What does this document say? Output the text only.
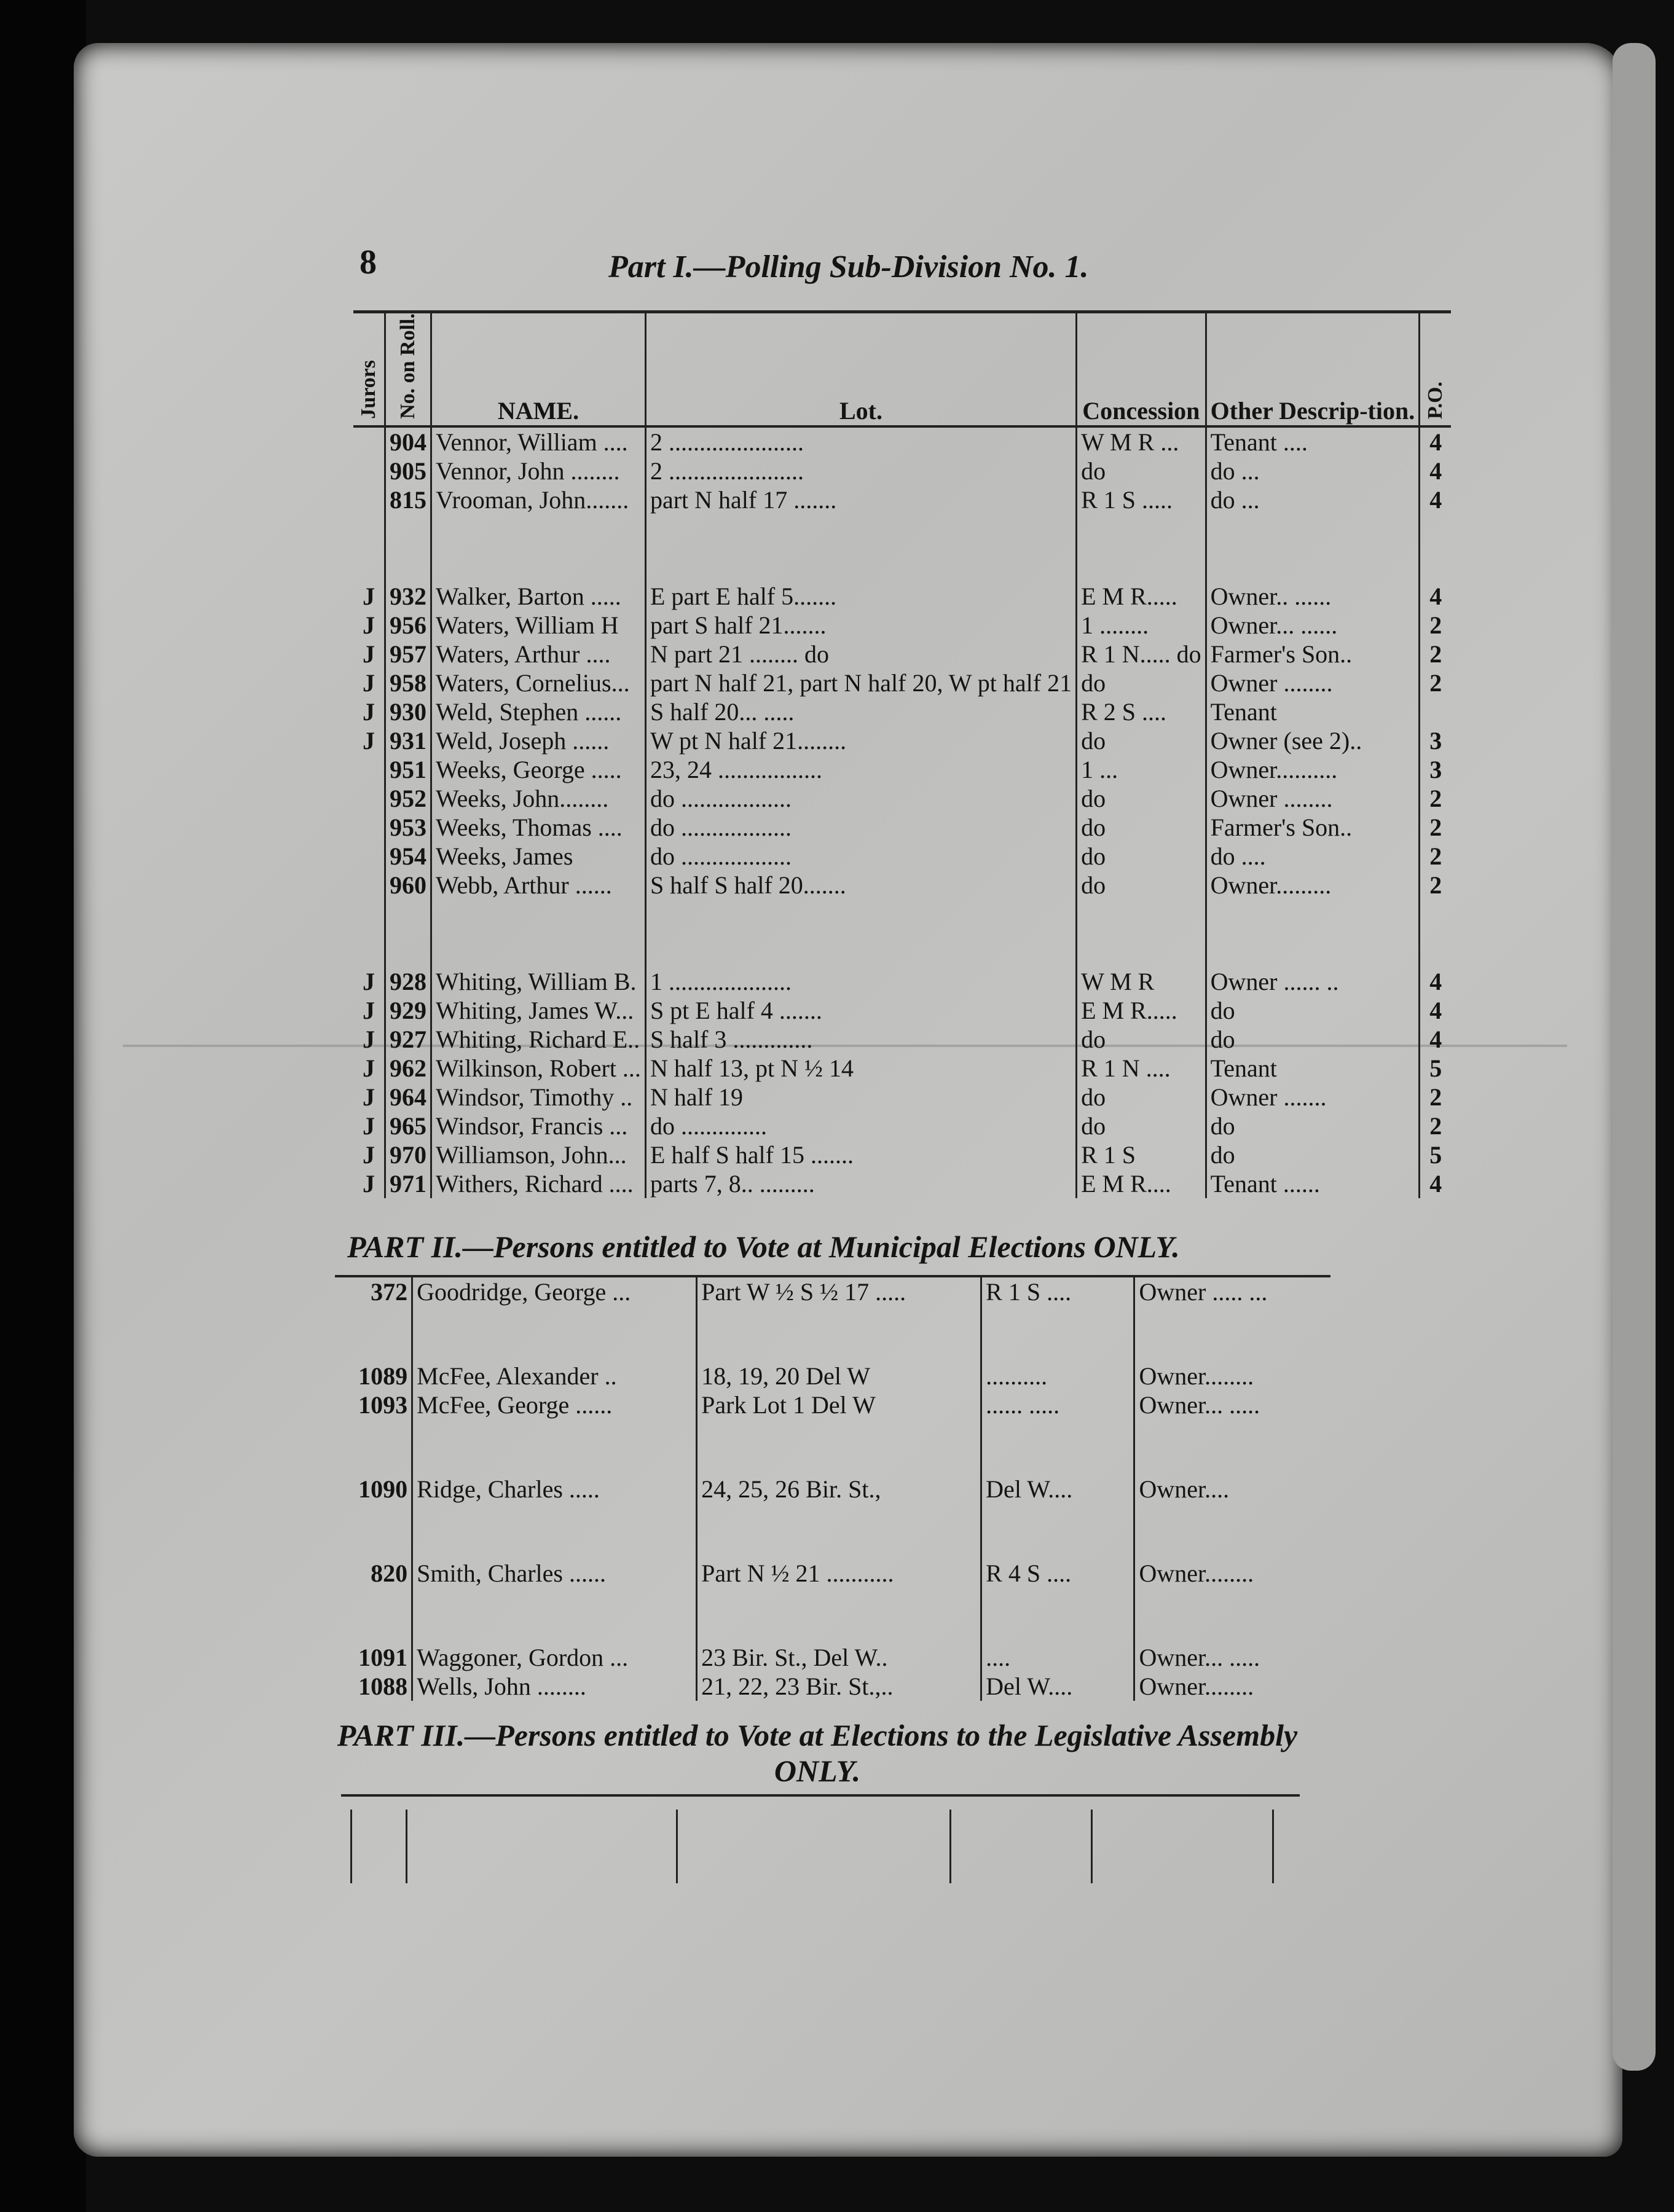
8	Part I.—Polling Sub-Division No. 1.
Jurors	No. on Roll.	NAME.	Lot.	Concession	Other Descrip-tion.	P.O.
	904	Vennor, William ....	2 ......................	W M R ...	Tenant ....	4
	905	Vennor, John ........	2 ......................	do	do ...	4
	815	Vrooman, John.......	part N half 17 .......	R 1 S .....	do ...	4

J	932	Walker, Barton .....	E part E half 5.......	E M R.....	Owner.. ......	4
J	956	Waters, William H	part S half 21.......	1 ........	Owner... ......	2
J	957	Waters, Arthur ....	N part 21 ........ do	R 1 N..... do	Farmer's Son..	2
J	958	Waters, Cornelius...	part N half 21, part N half 20, W pt half 21	do	Owner ........	2
J	930	Weld, Stephen ......	S half 20... .....	R 2 S ....	Tenant	
J	931	Weld, Joseph ......	W pt N half 21........	do	Owner (see 2)..	3
	951	Weeks, George .....	23, 24 .................	1 ...	Owner..........	3
	952	Weeks, John........	do ..................	do	Owner ........	2
	953	Weeks, Thomas ....	do ..................	do	Farmer's Son..	2
	954	Weeks, James	do ..................	do	do ....	2
	960	Webb, Arthur ......	S half S half 20.......	do	Owner.........	2

J	928	Whiting, William B.	1 ....................	W M R	Owner ...... ..	4
J	929	Whiting, James W...	S pt E half 4 .......	E M R.....	do	4
J	927	Whiting, Richard E..	S half 3 .............	do	do	4
J	962	Wilkinson, Robert ...	N half 13, pt N ½ 14	R 1 N ....	Tenant	5
J	964	Windsor, Timothy ..	N half 19	do	Owner .......	2
J	965	Windsor, Francis ...	do ..............	do	do	2
J	970	Williamson, John...	E half S half 15 .......	R 1 S	do	5
J	971	Withers, Richard ....	parts 7, 8.. .........	E M R....	Tenant ......	4
PART II.—Persons entitled to Vote at Municipal Elections ONLY.
372	Goodridge, George ...	Part W ½ S ½ 17 .....	R 1 S ....	Owner ..... ...

1089	McFee, Alexander ..	18, 19, 20 Del W	..........	Owner........
1093	McFee, George ......	Park Lot 1 Del W	...... .....	Owner... .....

1090	Ridge, Charles .....	24, 25, 26 Bir. St.,	Del W....	Owner....

820	Smith, Charles ......	Part N ½ 21 ...........	R 4 S ....	Owner........

1091	Waggoner, Gordon ...	23 Bir. St., Del W..	....	Owner... .....
1088	Wells, John ........	21, 22, 23 Bir. St.,..	Del W....	Owner........
PART III.—Persons entitled to Vote at Elections to the Legislative Assembly ONLY.
